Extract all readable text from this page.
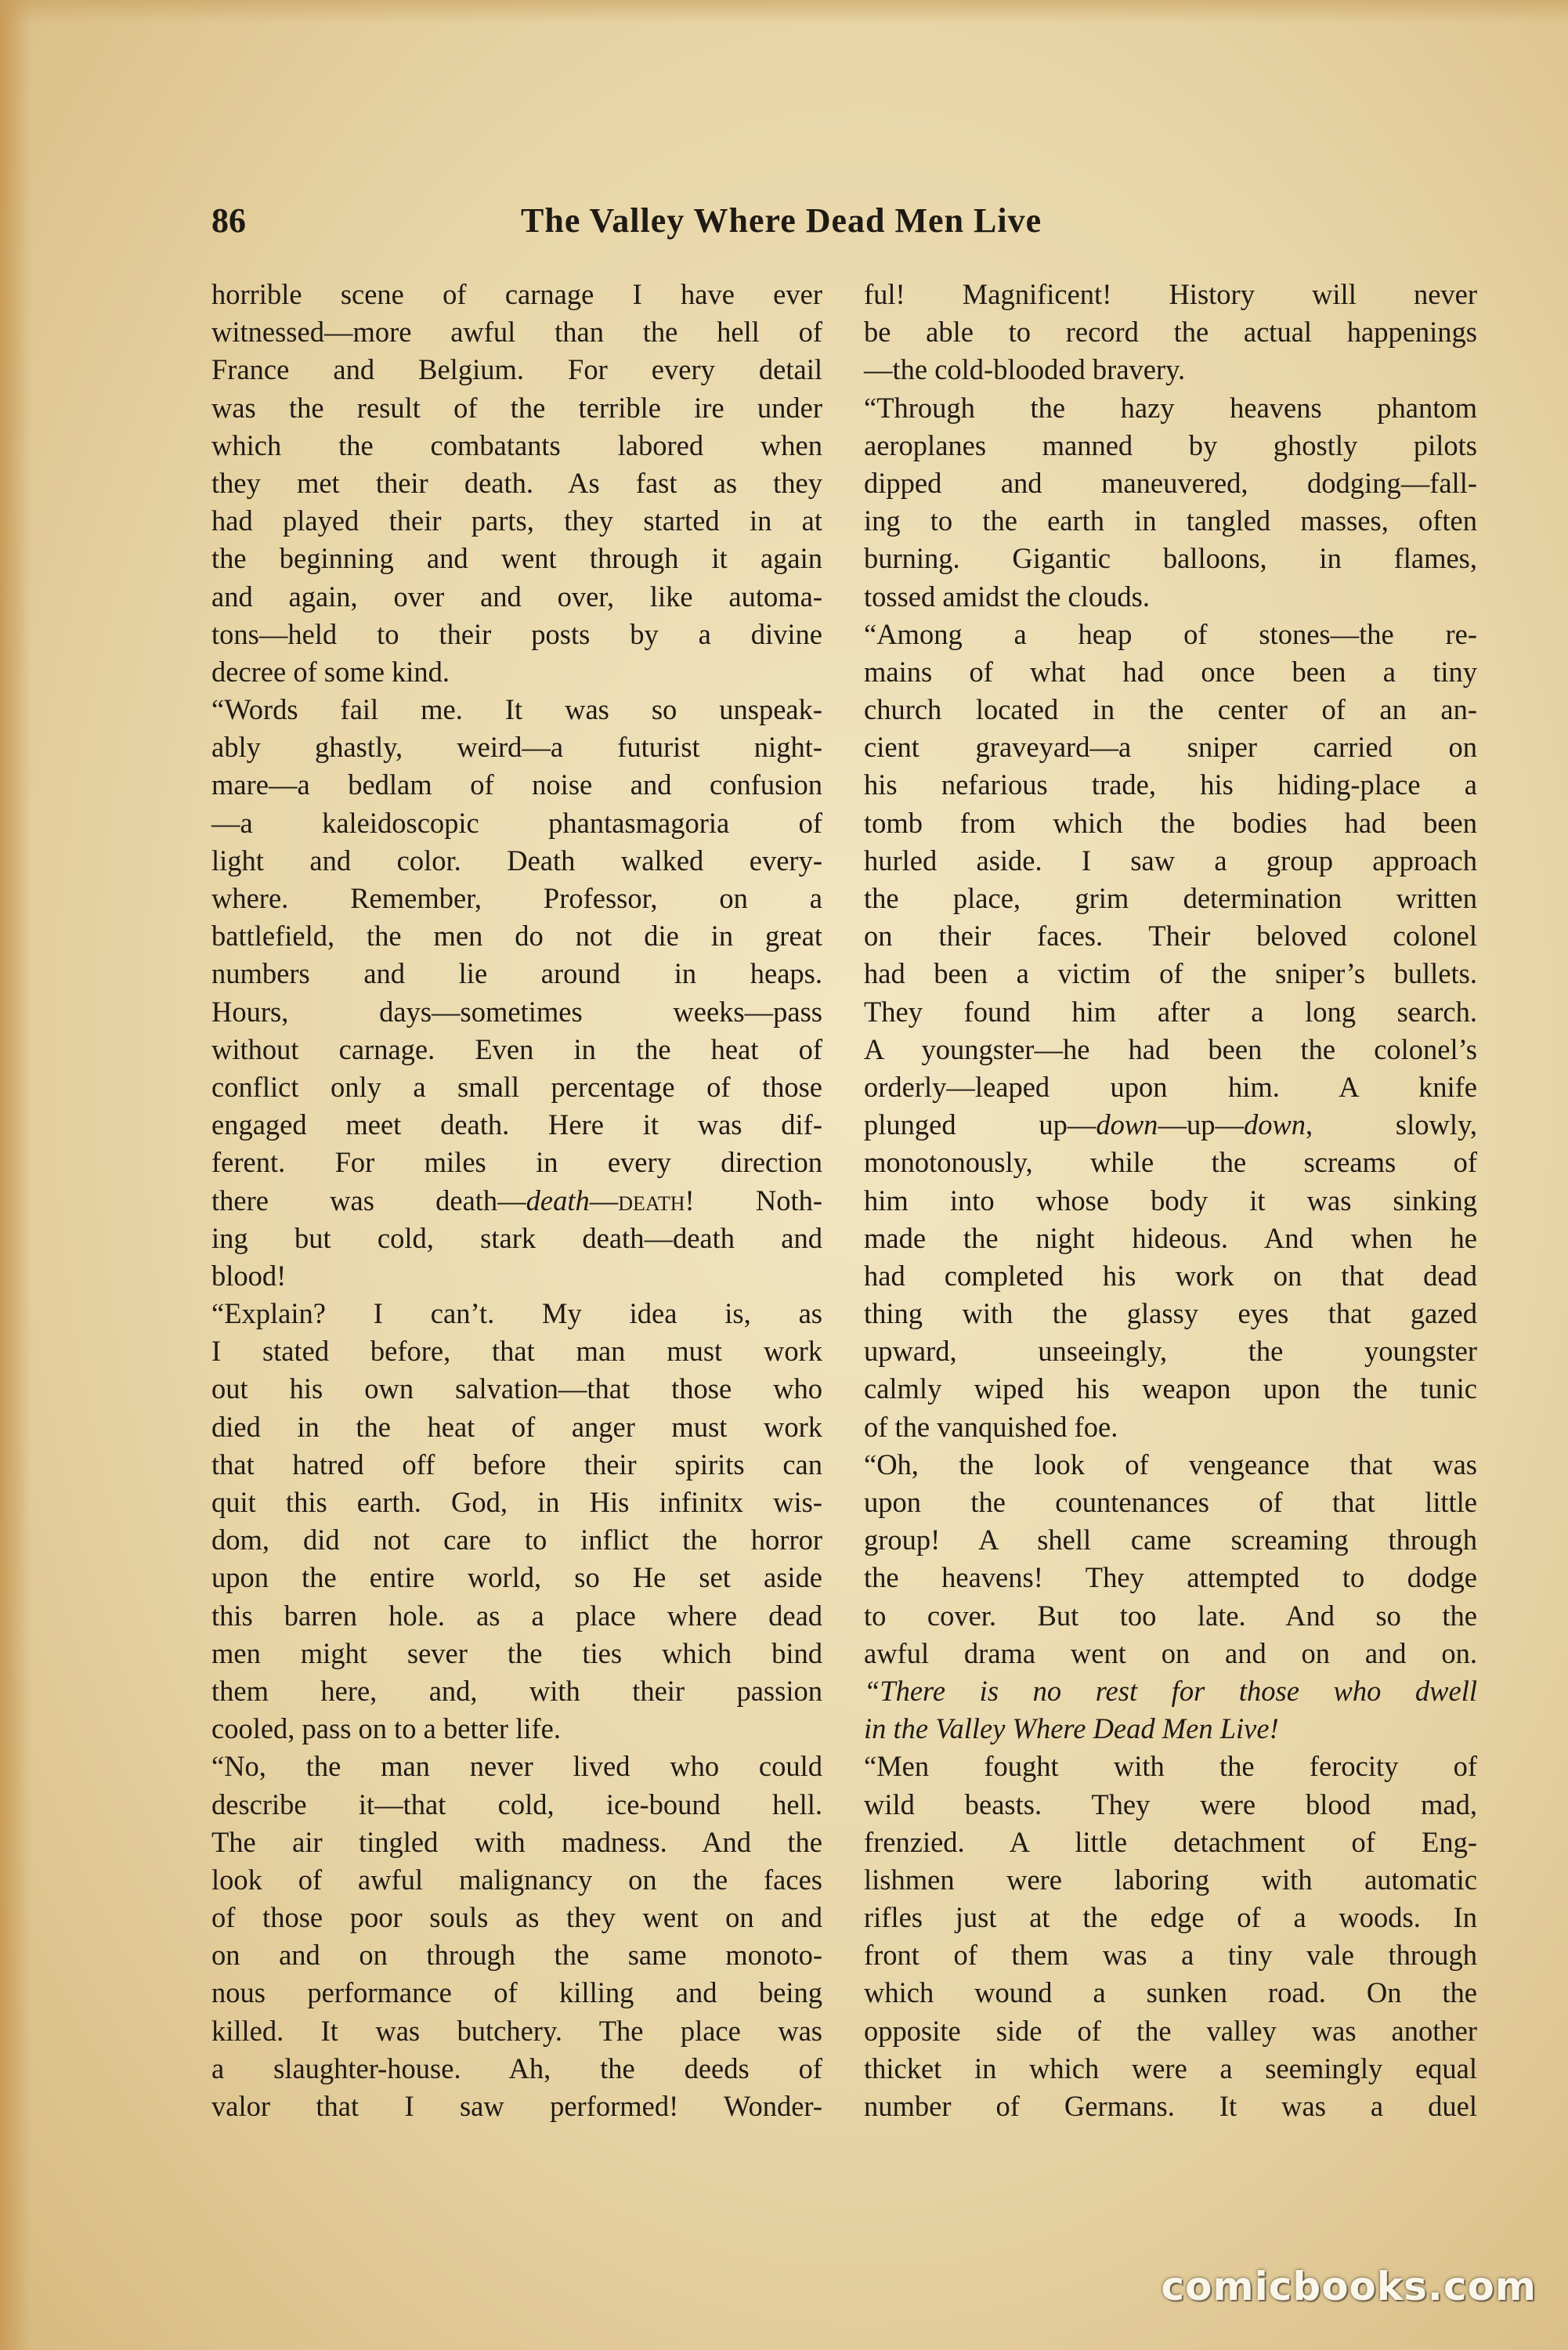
86	The Valley Where Dead Men Live
horrible scene of carnage I have ever
witnessed—more awful than the hell of
France and Belgium. For every detail
was the result of the terrible ire under
which the combatants labored when
they met their death. As fast as they
had played their parts, they started in at
the beginning and went through it again
and again, over and over, like automa-
tons—held to their posts by a divine
decree of some kind.
“Words fail me. It was so unspeak-
ably ghastly, weird—a futurist night-
mare—a bedlam of noise and confusion
—a kaleidoscopic phantasmagoria of
light and color. Death walked every-
where. Remember, Professor, on a
battlefield, the men do not die in great
numbers and lie around in heaps.
Hours, days—sometimes weeks—pass
without carnage. Even in the heat of
conflict only a small percentage of those
engaged meet death. Here it was dif-
ferent. For miles in every direction
there was death—death—death! Noth-
ing but cold, stark death—death and
blood!
“Explain? I can’t. My idea is, as
I stated before, that man must work
out his own salvation—that those who
died in the heat of anger must work
that hatred off before their spirits can
quit this earth. God, in His infinitx wis-
dom, did not care to inflict the horror
upon the entire world, so He set aside
this barren hole. as a place where dead
men might sever the ties which bind
them here, and, with their passion
cooled, pass on to a better life.
“No, the man never lived who could
describe it—that cold, ice-bound hell.
The air tingled with madness. And the
look of awful malignancy on the faces
of those poor souls as they went on and
on and on through the same monoto-
nous performance of killing and being
killed. It was butchery. The place was
a slaughter-house. Ah, the deeds of
valor that I saw performed! Wonder-
ful! Magnificent! History will never
be able to record the actual happenings
—the cold-blooded bravery.
“Through the hazy heavens phantom
aeroplanes manned by ghostly pilots
dipped and maneuvered, dodging—fall-
ing to the earth in tangled masses, often
burning. Gigantic balloons, in flames,
tossed amidst the clouds.
“Among a heap of stones—the re-
mains of what had once been a tiny
church located in the center of an an-
cient graveyard—a sniper carried on
his nefarious trade, his hiding-place a
tomb from which the bodies had been
hurled aside. I saw a group approach
the place, grim determination written
on their faces. Their beloved colonel
had been a victim of the sniper’s bullets.
They found him after a long search.
A youngster—he had been the colonel’s
orderly—leaped upon him. A knife
plunged up—down—up—down, slowly,
monotonously, while the screams of
him into whose body it was sinking
made the night hideous. And when he
had completed his work on that dead
thing with the glassy eyes that gazed
upward, unseeingly, the youngster
calmly wiped his weapon upon the tunic
of the vanquished foe.
“Oh, the look of vengeance that was
upon the countenances of that little
group! A shell came screaming through
the heavens! They attempted to dodge
to cover. But too late. And so the
awful drama went on and on and on.
“There is no rest for those who dwell
in the Valley Where Dead Men Live!
“Men fought with the ferocity of
wild beasts. They were blood mad,
frenzied. A little detachment of Eng-
lishmen were laboring with automatic
rifles just at the edge of a woods. In
front of them was a tiny vale through
which wound a sunken road. On the
opposite side of the valley was another
thicket in which were a seemingly equal
number of Germans. It was a duel
comicbooks.com
